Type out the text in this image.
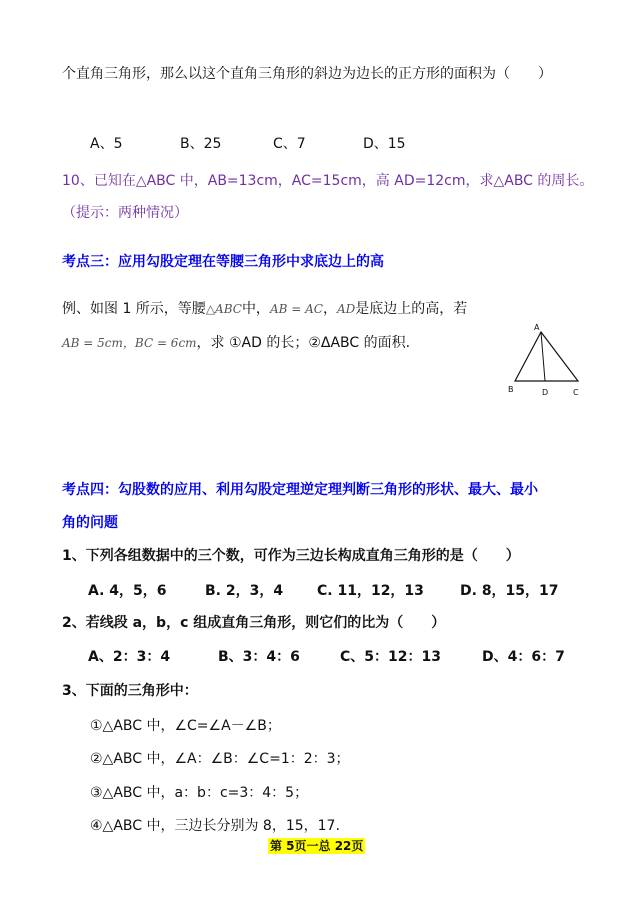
个直角三角形，那么以这个直角三角形的斜边为边长的正方形的面积为（　　）
A、5	B、25	C、7	D、15
10、已知在△ABC 中，AB=13cm，AC=15cm，高 AD=12cm，求△ABC 的周长。
（提示：两种情况）
考点三：应用勾股定理在等腰三角形中求底边上的高
例、如图 1 所示，等腰△ABC中，AB = AC，AD是底边上的高，若
AB = 5cm，BC = 6cm，求 ①AD 的长；②ΔABC 的面积.
A
B	D	C
考点四：勾股数的应用、利用勾股定理逆定理判断三角形的形状、最大、最小
角的问题
1、下列各组数据中的三个数，可作为三边长构成直角三角形的是（　　）
A. 4，5，6	B. 2，3，4 C. 11，12，13	D. 8，15，17
2、若线段 a，b，c 组成直角三角形，则它们的比为（　　）
A、2：3：4	B、3：4：6	C、5：12：13	D、4：6：7
3、下面的三角形中：
①△ABC 中，∠C=∠A－∠B；
②△ABC 中，∠A：∠B：∠C=1：2：3；
③△ABC 中，a：b：c=3：4：5；
④△ABC 中，三边长分别为 8，15，17.
第 5页一总 22页
